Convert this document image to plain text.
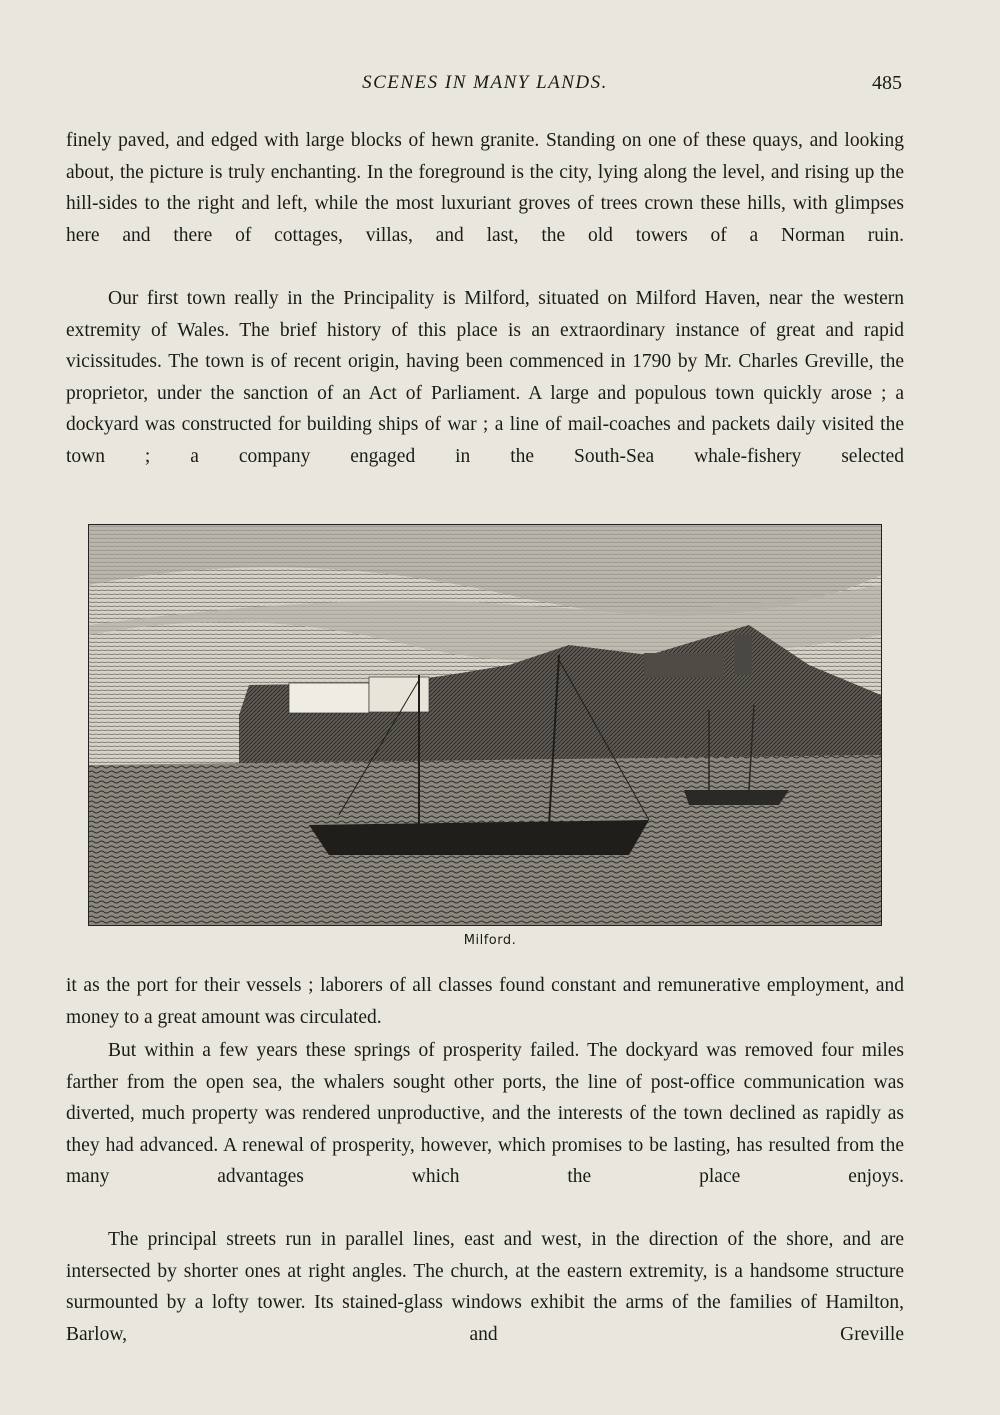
SCENES IN MANY LANDS.	485

finely paved, and edged with large blocks of hewn granite. Standing on one of these quays, and looking about, the picture is truly enchanting. In the foreground is the city, lying along the level, and rising up the hill-sides to the right and left, while the most luxuriant groves of trees crown these hills, with glimpses here and there of cottages, villas, and last, the old towers of a Norman ruin.

Our first town really in the Principality is Milford, situated on Milford Haven, near the western extremity of Wales. The brief history of this place is an extraordinary instance of great and rapid vicissitudes. The town is of recent origin, having been commenced in 1790 by Mr. Charles Greville, the proprietor, under the sanction of an Act of Parliament. A large and populous town quickly arose ; a dockyard was constructed for building ships of war ; a line of mail-coaches and packets daily visited the town ; a company engaged in the South-Sea whale-fishery selected

Milford.

it as the port for their vessels ; laborers of all classes found constant and remunerative employment, and money to a great amount was circulated.

But within a few years these springs of prosperity failed. The dockyard was removed four miles farther from the open sea, the whalers sought other ports, the line of post-office communication was diverted, much property was rendered unproductive, and the interests of the town declined as rapidly as they had advanced. A renewal of prosperity, however, which promises to be lasting, has resulted from the many advantages which the place enjoys.

The principal streets run in parallel lines, east and west, in the direction of the shore, and are intersected by shorter ones at right angles. The church, at the eastern extremity, is a handsome structure surmounted by a lofty tower. Its stained-glass windows exhibit the arms of the families of Hamilton, Barlow, and Greville
